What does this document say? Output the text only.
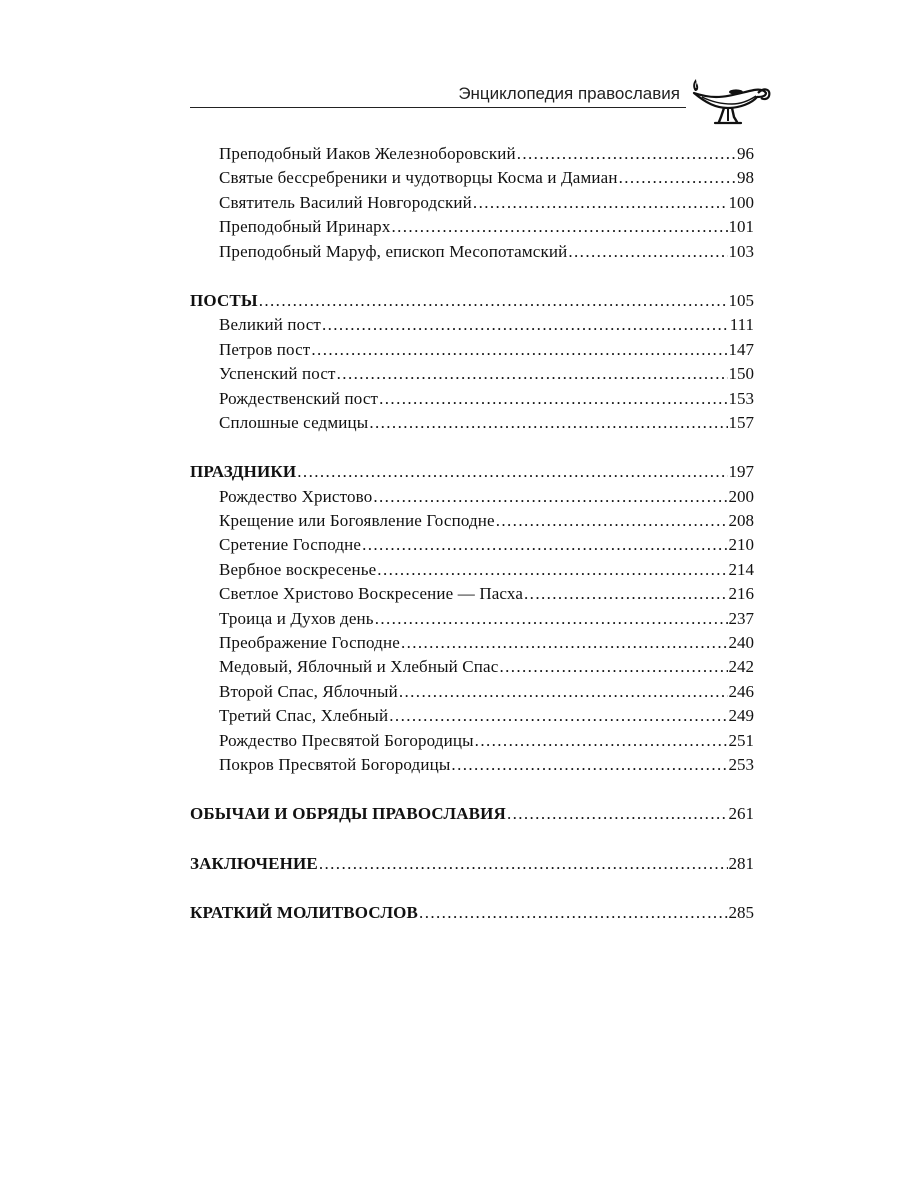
Энциклопедия православия
Преподобный Иаков Железноборовский .....	96
Святые бессребреники и чудотворцы Косма и Дамиан .....	98
Святитель Василий Новгородский .....	100
Преподобный Иринарх .....	101
Преподобный Маруф, епископ Месопотамский .....	103
ПОСТЫ .....	105
Великий пост .....	111
Петров пост .....	147
Успенский пост .....	150
Рождественский пост .....	153
Сплошные седмицы .....	157
ПРАЗДНИКИ .....	197
Рождество Христово .....	200
Крещение или Богоявление Господне .....	208
Сретение Господне .....	210
Вербное воскресенье .....	214
Светлое Христово Воскресение — Пасха .....	216
Троица и Духов день .....	237
Преображение Господне .....	240
Медовый, Яблочный и Хлебный Спас .....	242
Второй Спас, Яблочный .....	246
Третий Спас, Хлебный .....	249
Рождество Пресвятой Богородицы .....	251
Покров Пресвятой Богородицы .....	253
ОБЫЧАИ И ОБРЯДЫ ПРАВОСЛАВИЯ .....	261
ЗАКЛЮЧЕНИЕ .....	281
КРАТКИЙ МОЛИТВОСЛОВ .....	285
